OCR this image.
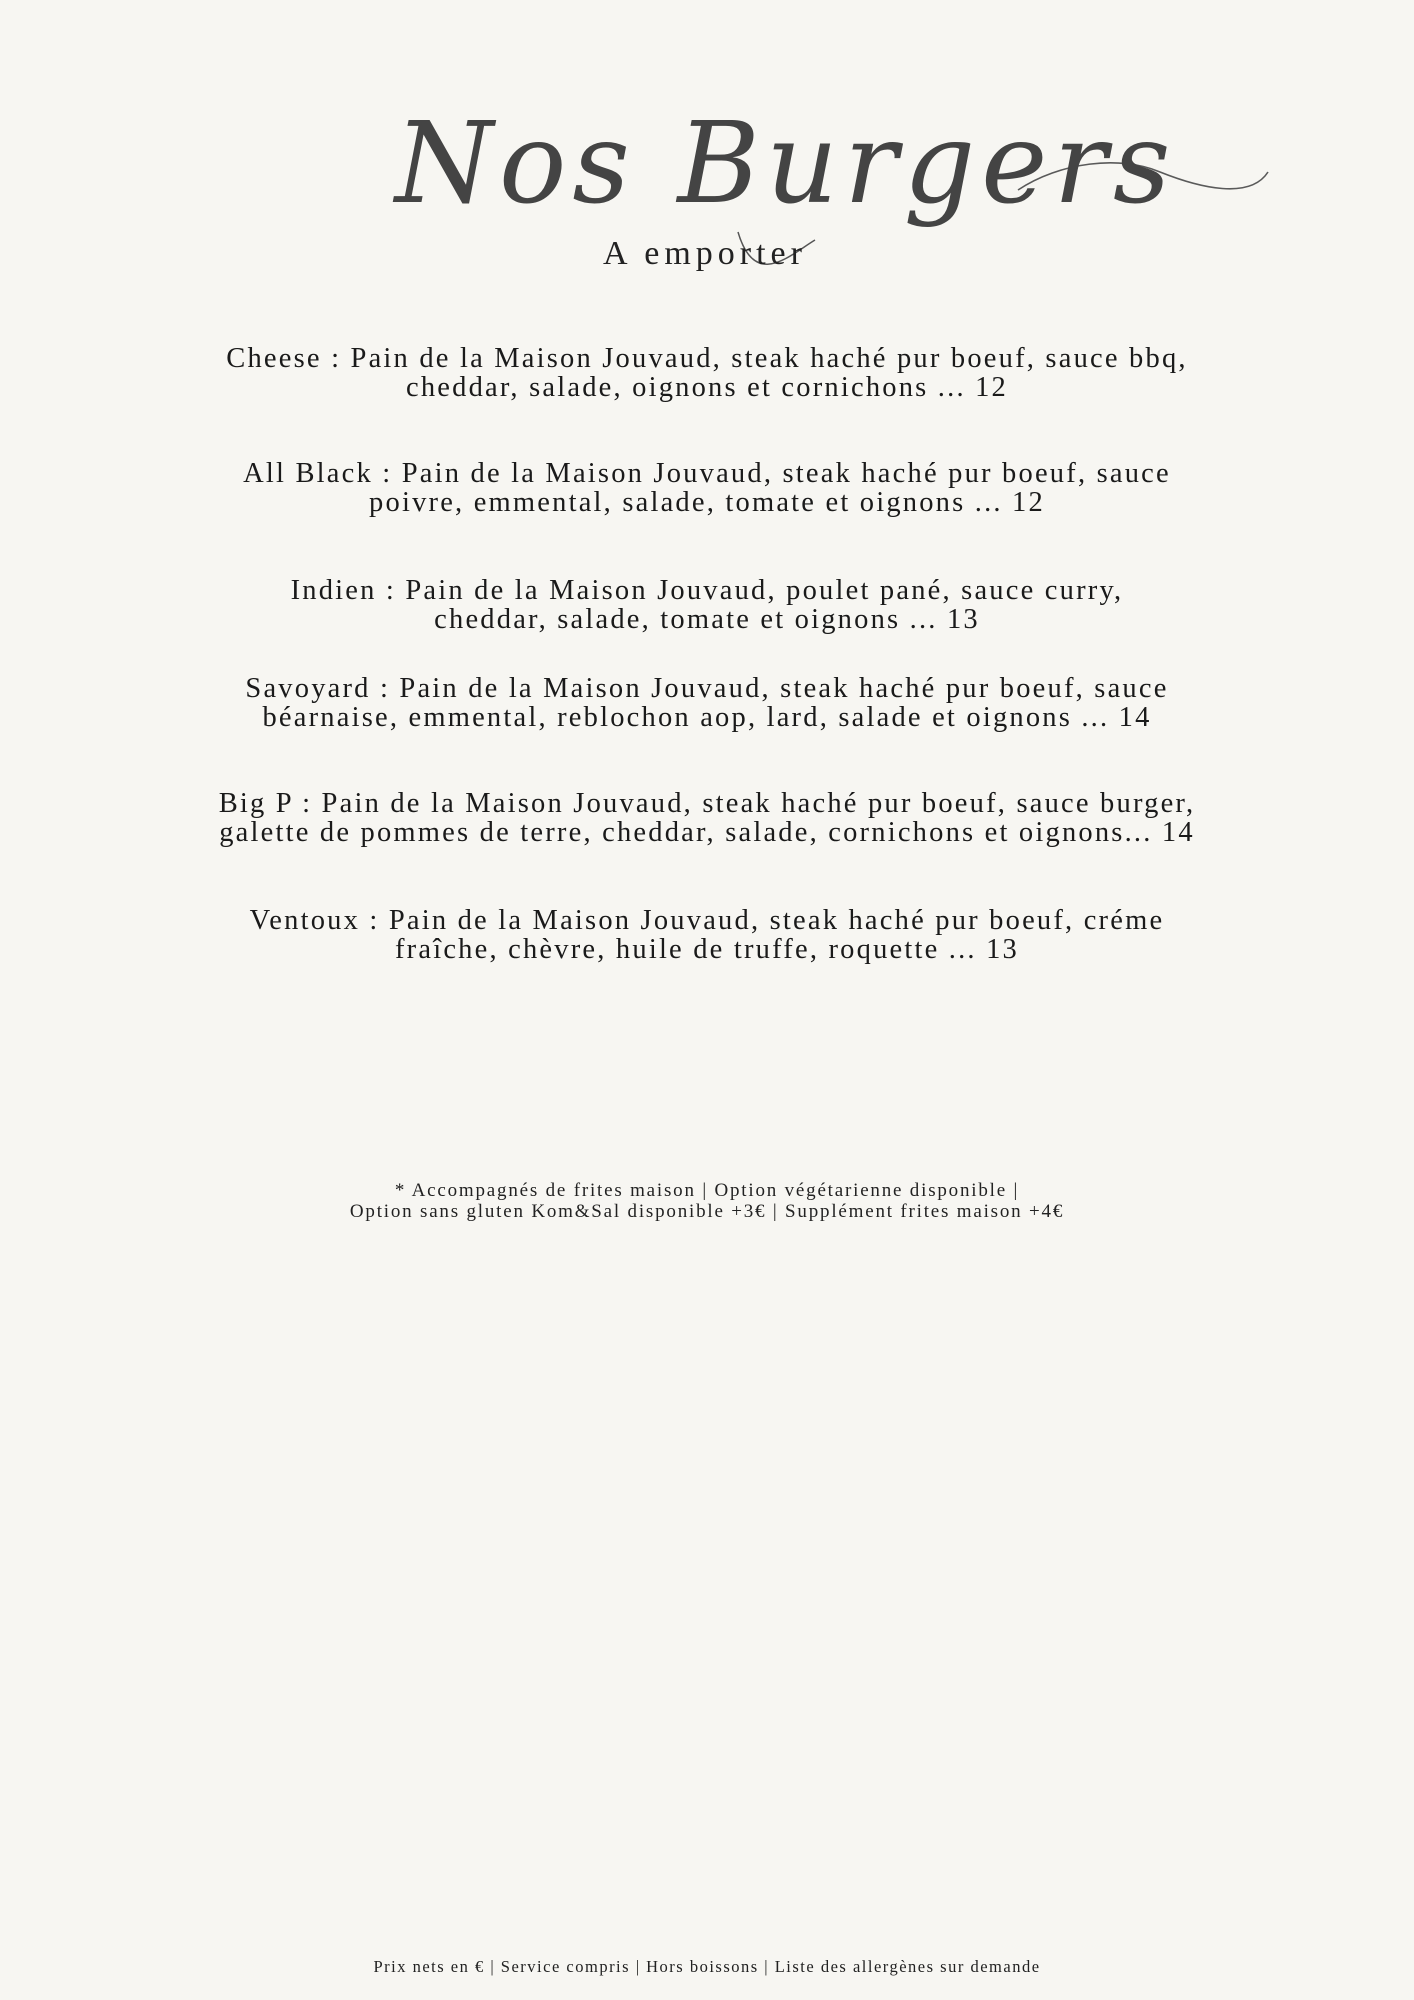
Nos Burgers
A emporter
Cheese : Pain de la Maison Jouvaud, steak haché pur boeuf, sauce bbq,
cheddar, salade, oignons et cornichons ... 12
All Black : Pain de la Maison Jouvaud, steak haché pur boeuf, sauce
poivre, emmental, salade, tomate et oignons ... 12
Indien : Pain de la Maison Jouvaud, poulet pané, sauce curry,
cheddar, salade, tomate et oignons ... 13
Savoyard : Pain de la Maison Jouvaud, steak haché pur boeuf, sauce
béarnaise, emmental, reblochon aop, lard, salade et oignons ... 14
Big P : Pain de la Maison Jouvaud, steak haché pur boeuf, sauce burger,
galette de pommes de terre, cheddar, salade, cornichons et oignons... 14
Ventoux : Pain de la Maison Jouvaud, steak haché pur boeuf, créme
fraîche, chèvre, huile de truffe, roquette ... 13
* Accompagnés de frites maison | Option végétarienne disponible |
Option sans gluten Kom&Sal disponible +3€ | Supplément frites maison +4€
Prix nets en € | Service compris | Hors boissons | Liste des allergènes sur demande
